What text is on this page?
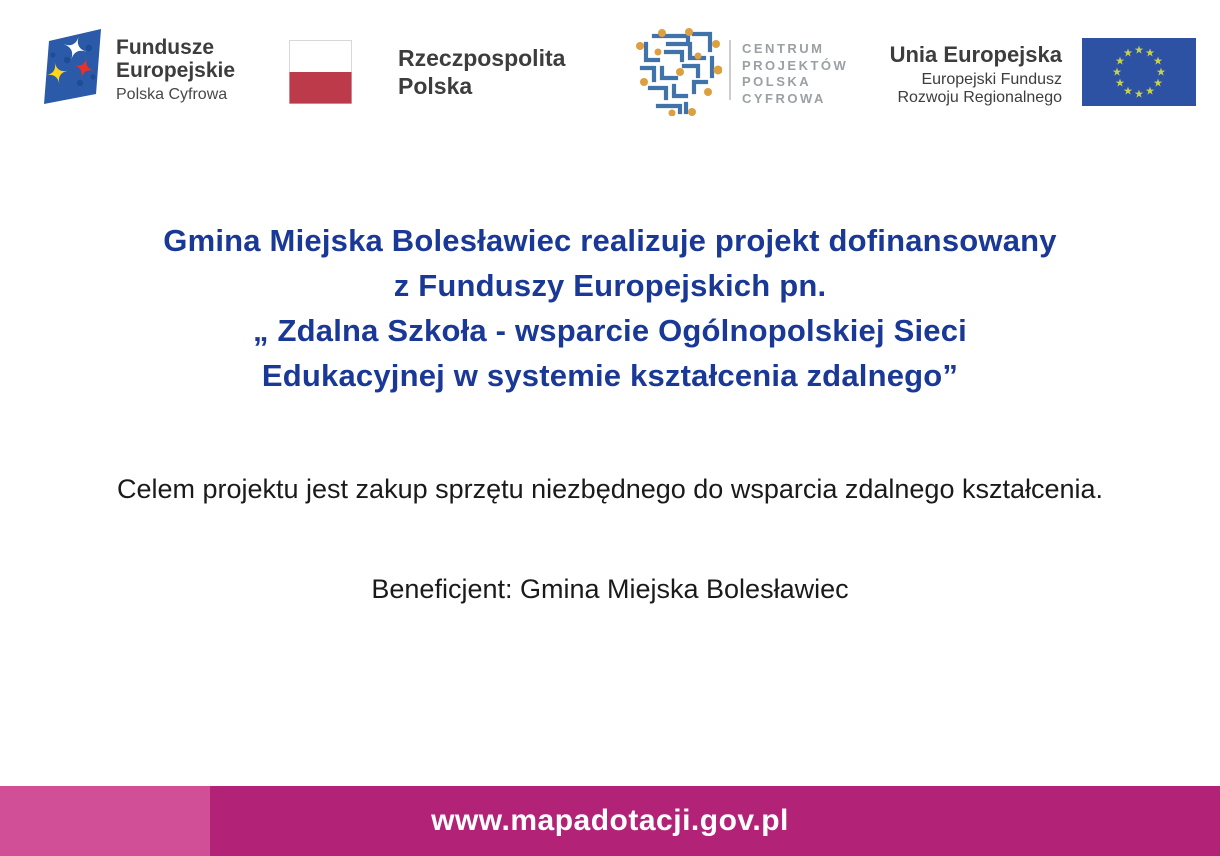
Fundusze
Europejskie
Polska Cyfrowa
Rzeczpospolita
Polska
CENTRUM
PROJEKTÓW
POLSKA
CYFROWA
Unia Europejska
Europejski Fundusz
Rozwoju Regionalnego
Gmina Miejska Bolesławiec realizuje projekt dofinansowany
z Funduszy Europejskich pn.
„ Zdalna Szkoła - wsparcie Ogólnopolskiej Sieci
Edukacyjnej w systemie kształcenia zdalnego”

Celem projektu jest zakup sprzętu niezbędnego do wsparcia zdalnego kształcenia.

Beneficjent: Gmina Miejska Bolesławiec

www.mapadotacji.gov.pl
